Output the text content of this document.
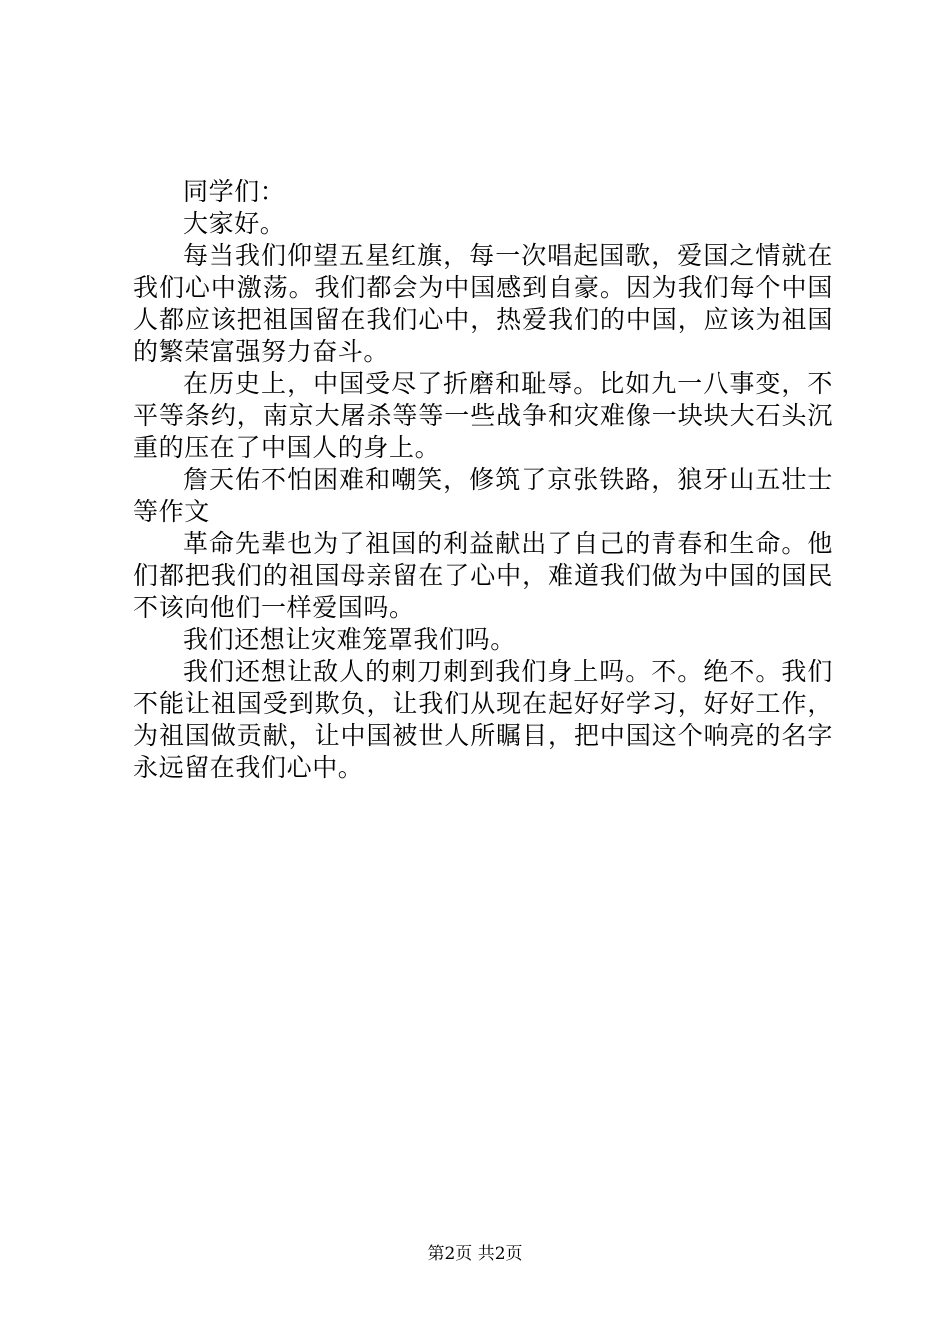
同学们：

大家好。

每当我们仰望五星红旗，每一次唱起国歌，爱国之情就在我们心中激荡。我们都会为中国感到自豪。因为我们每个中国人都应该把祖国留在我们心中，热爱我们的中国，应该为祖国的繁荣富强努力奋斗。

在历史上，中国受尽了折磨和耻辱。比如九一八事变，不平等条约，南京大屠杀等等一些战争和灾难像一块块大石头沉重的压在了中国人的身上。

詹天佑不怕困难和嘲笑，修筑了京张铁路，狼牙山五壮士等作文

革命先辈也为了祖国的利益献出了自己的青春和生命。他们都把我们的祖国母亲留在了心中，难道我们做为中国的国民不该向他们一样爱国吗。

我们还想让灾难笼罩我们吗。

我们还想让敌人的刺刀刺到我们身上吗。不。绝不。我们不能让祖国受到欺负，让我们从现在起好好学习，好好工作，为祖国做贡献，让中国被世人所瞩目，把中国这个响亮的名字永远留在我们心中。

第2页 共2页
